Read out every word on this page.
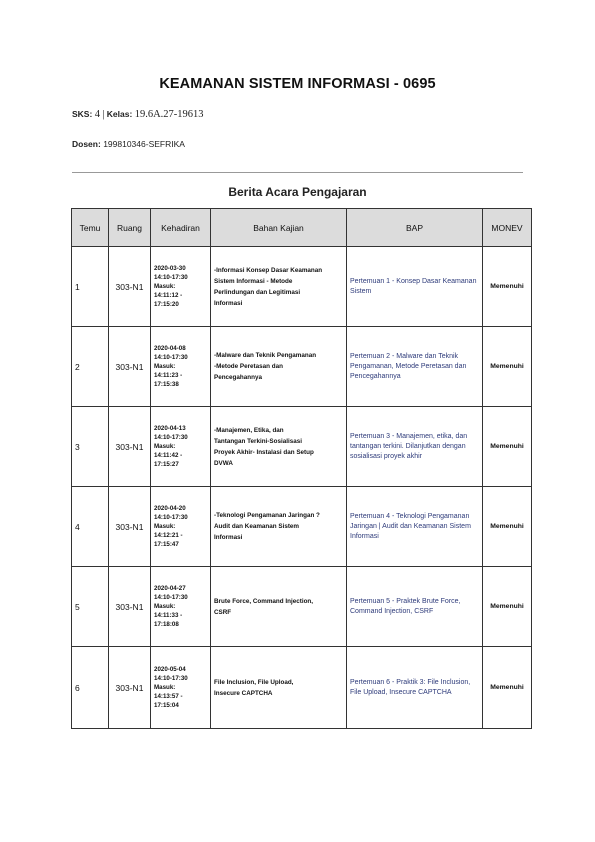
KEAMANAN SISTEM INFORMASI - 0695
SKS: 4 | Kelas: 19.6A.27-19613
Dosen: 199810346-SEFRIKA
Berita Acara Pengajaran
Temu	Ruang	Kehadiran	Bahan Kajian	BAP	MONEV
1	303-N1	2020-03-30
14:10-17:30
Masuk:
14:11:12 -
17:15:20	-Informasi Konsep Dasar Keamanan
Sistem Informasi - Metode
Perlindungan dan Legitimasi
Informasi	Pertemuan 1 - Konsep Dasar Keamanan Sistem	Memenuhi
2	303-N1	2020-04-08
14:10-17:30
Masuk:
14:11:23 -
17:15:38	-Malware dan Teknik Pengamanan
-Metode Peretasan dan
Pencegahannya	Pertemuan 2 - Malware dan Teknik Pengamanan, Metode Peretasan dan Pencegahannya	Memenuhi
3	303-N1	2020-04-13
14:10-17:30
Masuk:
14:11:42 -
17:15:27	-Manajemen, Etika, dan
Tantangan Terkini-Sosialisasi
Proyek Akhir- Instalasi dan Setup
DVWA	Pertemuan 3 - Manajemen, etika, dan tantangan terkini. Dilanjutkan dengan sosialisasi proyek akhir	Memenuhi
4	303-N1	2020-04-20
14:10-17:30
Masuk:
14:12:21 -
17:15:47	-Teknologi Pengamanan Jaringan ?
Audit dan Keamanan Sistem
Informasi	Pertemuan 4 - Teknologi Pengamanan Jaringan | Audit dan Keamanan Sistem Informasi	Memenuhi
5	303-N1	2020-04-27
14:10-17:30
Masuk:
14:11:33 -
17:18:08	Brute Force, Command Injection,
CSRF	Pertemuan 5 - Praktek Brute Force, Command Injection, CSRF	Memenuhi
6	303-N1	2020-05-04
14:10-17:30
Masuk:
14:13:57 -
17:15:04	File Inclusion, File Upload,
Insecure CAPTCHA	Pertemuan 6 - Praktik 3: File Inclusion, File Upload, Insecure CAPTCHA	Memenuhi
